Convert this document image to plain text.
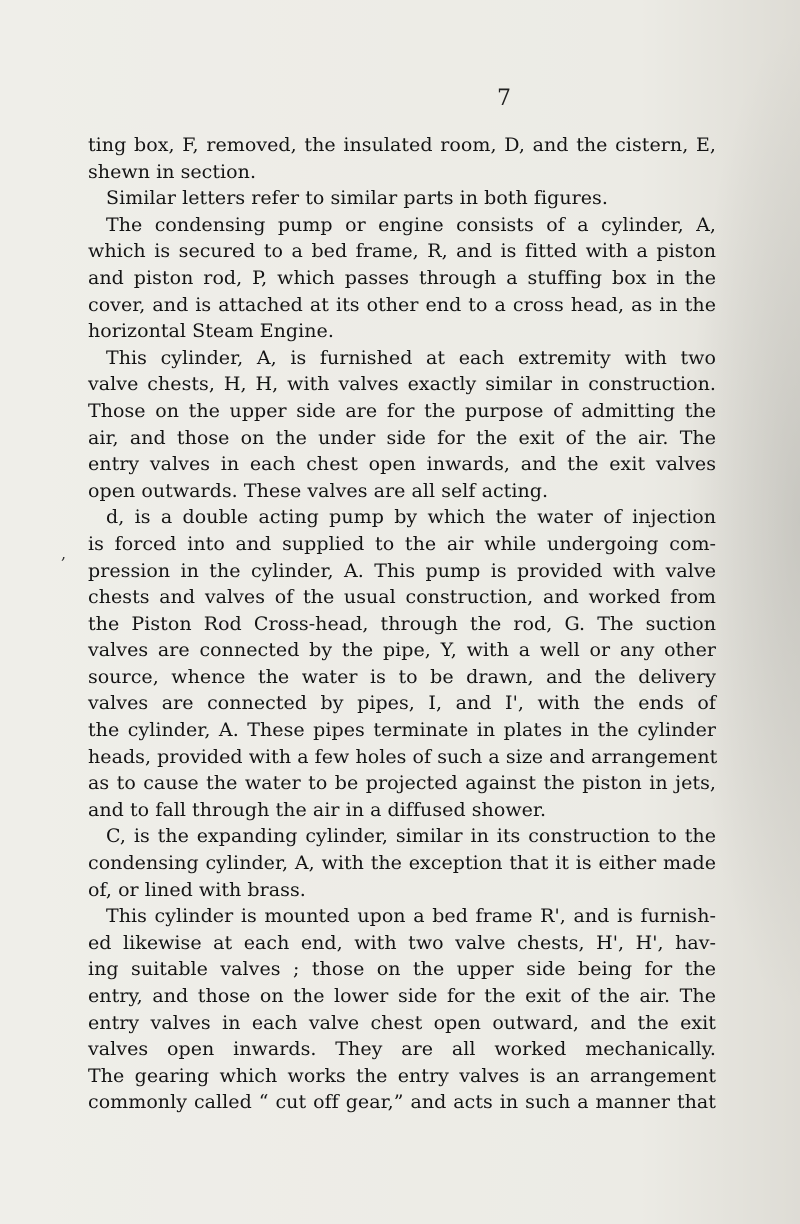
7
,
ting box, F, removed, the insulated room, D, and the cistern, E,
shewn in section.
Similar letters refer to similar parts in both figures.
The condensing pump or engine consists of a cylinder, A,
which is secured to a bed frame, R, and is fitted with a piston
and piston rod, P, which passes through a stuffing box in the
cover, and is attached at its other end to a cross head, as in the
horizontal Steam Engine.
This cylinder, A, is furnished at each extremity with two
valve chests, H, H, with valves exactly similar in construction.
Those on the upper side are for the purpose of admitting the
air, and those on the under side for the exit of the air. The
entry valves in each chest open inwards, and the exit valves
open outwards. These valves are all self acting.
d, is a double acting pump by which the water of injection
is forced into and supplied to the air while undergoing com-
pression in the cylinder, A. This pump is provided with valve
chests and valves of the usual construction, and worked from
the Piston Rod Cross-head, through the rod, G. The suction
valves are connected by the pipe, Y, with a well or any other
source, whence the water is to be drawn, and the delivery
valves are connected by pipes, I, and I', with the ends of
the cylinder, A. These pipes terminate in plates in the cylinder
heads, provided with a few holes of such a size and arrangement
as to cause the water to be projected against the piston in jets,
and to fall through the air in a diffused shower.
C, is the expanding cylinder, similar in its construction to the
condensing cylinder, A, with the exception that it is either made
of, or lined with brass.
This cylinder is mounted upon a bed frame R', and is furnish-
ed likewise at each end, with two valve chests, H', H', hav-
ing suitable valves ; those on the upper side being for the
entry, and those on the lower side for the exit of the air. The
entry valves in each valve chest open outward, and the exit
valves open inwards. They are all worked mechanically.
The gearing which works the entry valves is an arrangement
commonly called “ cut off gear,” and acts in such a manner that
